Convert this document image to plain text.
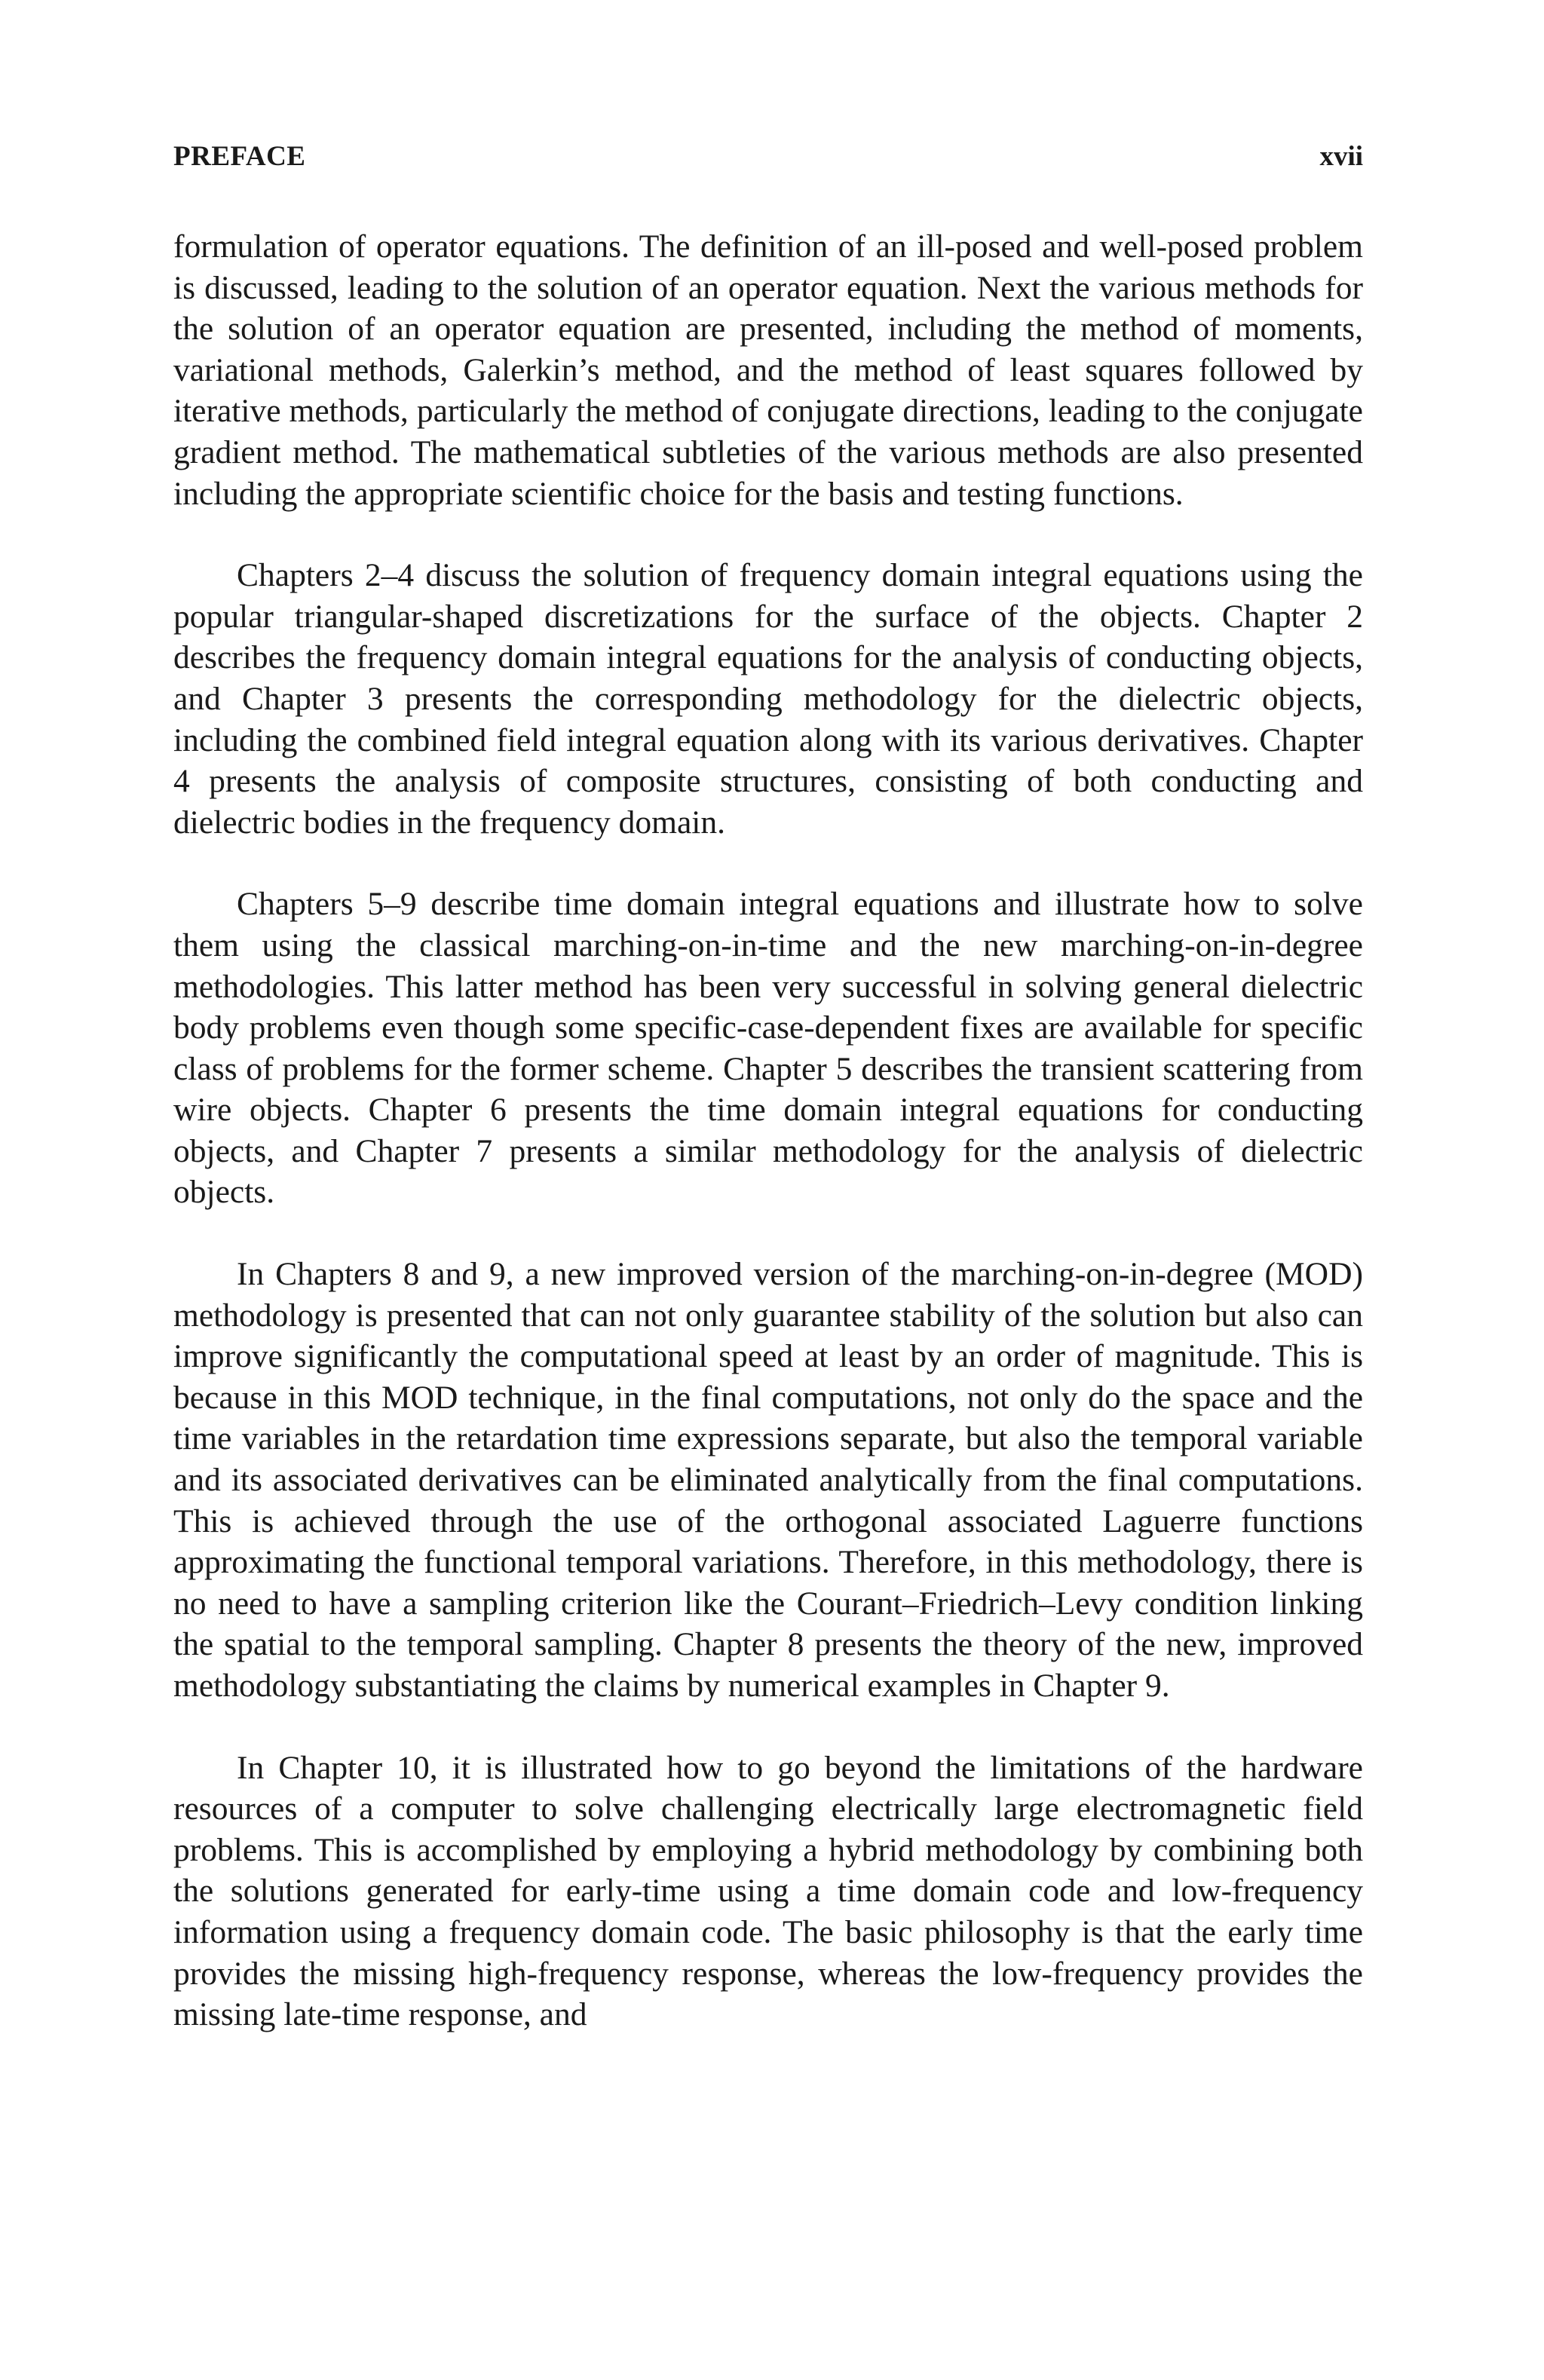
PREFACE	xvii

formulation of operator equations. The definition of an ill-posed and well-posed problem is discussed, leading to the solution of an operator equation. Next the various methods for the solution of an operator equation are presented, including the method of moments, variational methods, Galerkin’s method, and the method of least squares followed by iterative methods, particularly the method of conjugate directions, leading to the conjugate gradient method. The mathematical subtleties of the various methods are also presented including the appropriate scientific choice for the basis and testing functions.

Chapters 2–4 discuss the solution of frequency domain integral equations using the popular triangular-shaped discretizations for the surface of the objects. Chapter 2 describes the frequency domain integral equations for the analysis of conducting objects, and Chapter 3 presents the corresponding methodology for the dielectric objects, including the combined field integral equation along with its various derivatives. Chapter 4 presents the analysis of composite structures, consisting of both conducting and dielectric bodies in the frequency domain.

Chapters 5–9 describe time domain integral equations and illustrate how to solve them using the classical marching-on-in-time and the new marching-on-in-degree methodologies. This latter method has been very successful in solving general dielectric body problems even though some specific-case-dependent fixes are available for specific class of problems for the former scheme. Chapter 5 describes the transient scattering from wire objects. Chapter 6 presents the time domain integral equations for conducting objects, and Chapter 7 presents a similar methodology for the analysis of dielectric objects.

In Chapters 8 and 9, a new improved version of the marching-on-in-degree (MOD) methodology is presented that can not only guarantee stability of the solution but also can improve significantly the computational speed at least by an order of magnitude. This is because in this MOD technique, in the final computations, not only do the space and the time variables in the retardation time expressions separate, but also the temporal variable and its associated derivatives can be eliminated analytically from the final computations. This is achieved through the use of the orthogonal associated Laguerre functions approximating the functional temporal variations. Therefore, in this methodology, there is no need to have a sampling criterion like the Courant–Friedrich–Levy condition linking the spatial to the temporal sampling. Chapter 8 presents the theory of the new, improved methodology substantiating the claims by numerical examples in Chapter 9.

In Chapter 10, it is illustrated how to go beyond the limitations of the hardware resources of a computer to solve challenging electrically large electromagnetic field problems. This is accomplished by employing a hybrid methodology by combining both the solutions generated for early-time using a time domain code and low-frequency information using a frequency domain code. The basic philosophy is that the early time provides the missing high-frequency response, whereas the low-frequency provides the missing late-time response, and
